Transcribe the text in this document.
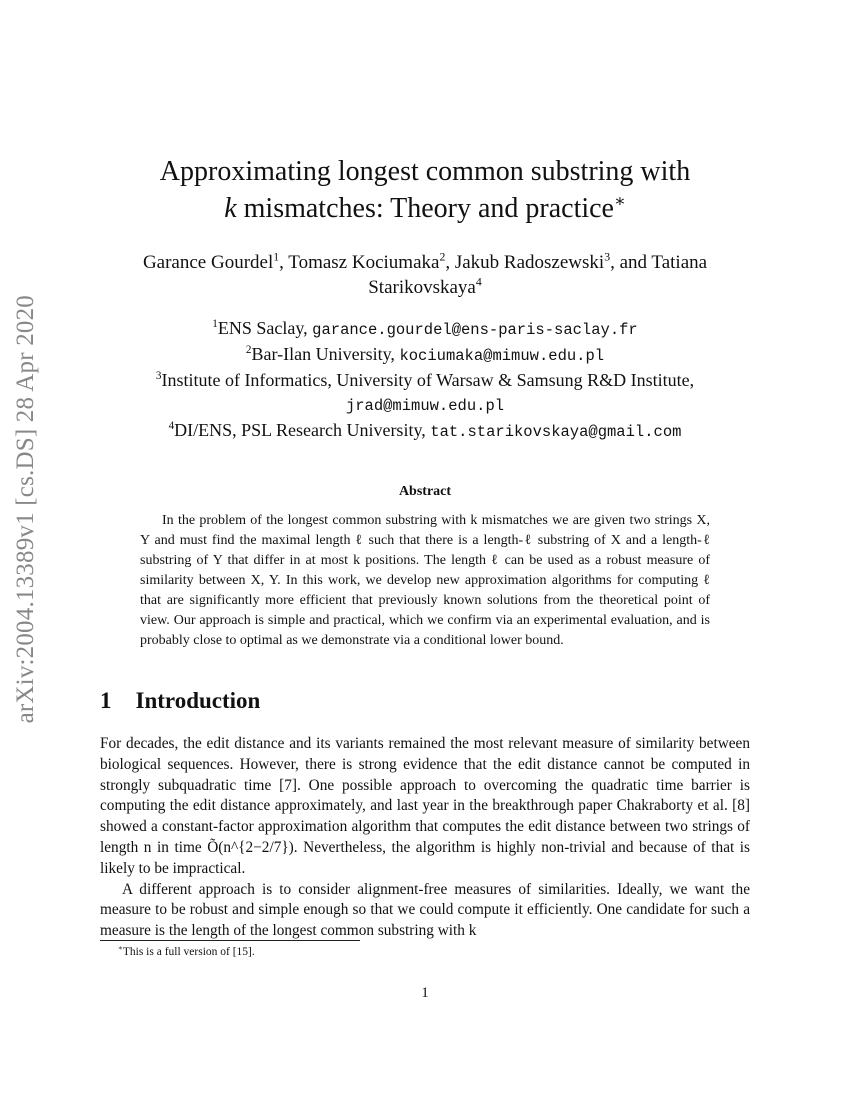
arXiv:2004.13389v1 [cs.DS] 28 Apr 2020
Approximating longest common substring with
k mismatches: Theory and practice∗
Garance Gourdel$^1$, Tomasz Kociumaka$^2$, Jakub Radoszewski$^3$, and Tatiana Starikovskaya$^4$
$^1$ENS Saclay, garance.gourdel@ens-paris-saclay.fr
$^2$Bar-Ilan University, kociumaka@mimuw.edu.pl
$^3$Institute of Informatics, University of Warsaw & Samsung R&D Institute,
jrad@mimuw.edu.pl
$^4$DI/ENS, PSL Research University, tat.starikovskaya@gmail.com
Abstract

In the problem of the longest common substring with k mismatches we are given two strings X, Y and must find the maximal length ℓ such that there is a length-ℓ substring of X and a length-ℓ substring of Y that differ in at most k positions. The length ℓ can be used as a robust measure of similarity between X, Y. In this work, we develop new approximation algorithms for computing ℓ that are significantly more efficient that previously known solutions from the theoretical point of view. Our approach is simple and practical, which we confirm via an experimental evaluation, and is probably close to optimal as we demonstrate via a conditional lower bound.

1 Introduction

For decades, the edit distance and its variants remained the most relevant measure of similarity between biological sequences. However, there is strong evidence that the edit distance cannot be computed in strongly subquadratic time [7]. One possible approach to overcoming the quadratic time barrier is computing the edit distance approximately, and last year in the breakthrough paper Chakraborty et al. [8] showed a constant-factor approximation algorithm that computes the edit distance between two strings of length n in time Õ(n^{2−2/7}). Nevertheless, the algorithm is highly non-trivial and because of that is likely to be impractical.

A different approach is to consider alignment-free measures of similarities. Ideally, we want the measure to be robust and simple enough so that we could compute it efficiently. One candidate for such a measure is the length of the longest common substring with k

∗This is a full version of [15].
1
